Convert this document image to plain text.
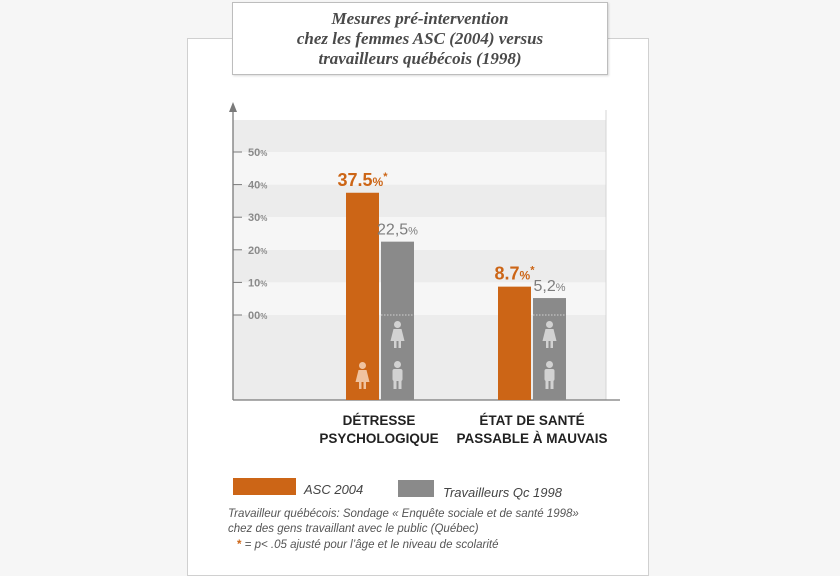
Mesures pré-intervention
chez les femmes ASC (2004) versus
travailleurs québécois (1998)
00%
10%
20%
30%
40%
50%
37.5%*
22,5%
8.7%*
5,2%
DÉTRESSE
PSYCHOLOGIQUE
ÉTAT DE SANTÉ
PASSABLE À MAUVAIS
ASC 2004	Travailleurs Qc 1998
Travailleur québécois: Sondage « Enquête sociale et de santé 1998»
chez des gens travaillant avec le public (Québec)
* = p< .05 ajusté pour l’âge et le niveau de scolarité
